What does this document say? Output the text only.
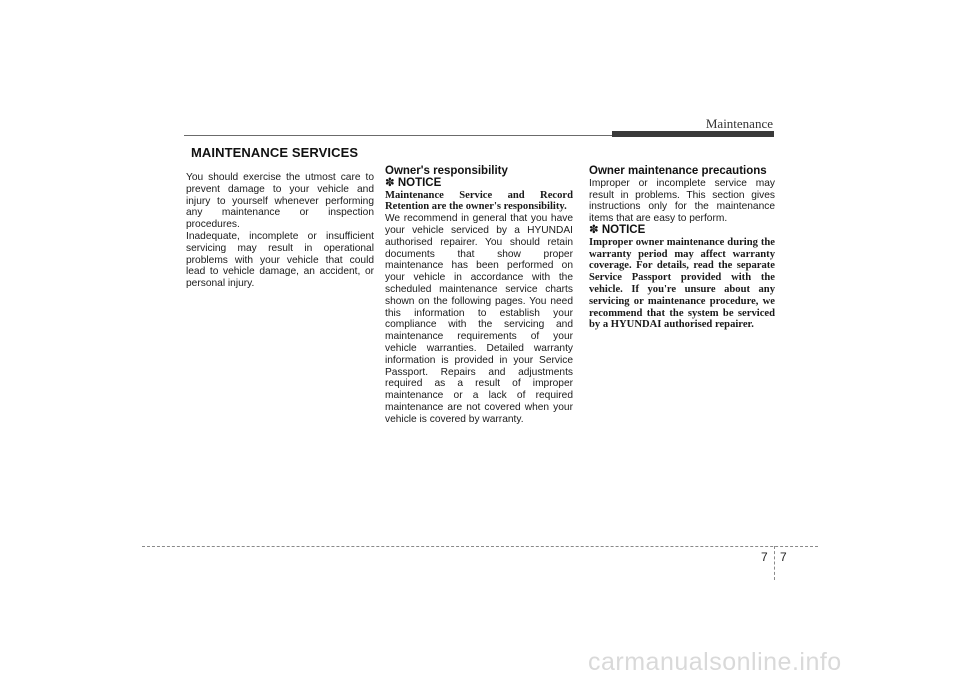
Maintenance
MAINTENANCE SERVICES

You should exercise the utmost care to prevent damage to your vehicle and injury to yourself whenever performing any maintenance or inspection procedures.

Inadequate, incomplete or insufficient servicing may result in operational problems with your vehicle that could lead to vehicle damage, an accident, or personal injury.

Owner's responsibility

✽ NOTICE

Maintenance Service and Record Retention are the owner's responsibility.

We recommend in general that you have your vehicle serviced by a HYUNDAI authorised repairer. You should retain documents that show proper maintenance has been performed on your vehicle in accordance with the scheduled maintenance service charts shown on the following pages. You need this information to establish your compliance with the servicing and maintenance requirements of your vehicle warranties. Detailed warranty information is provided in your Service Passport. Repairs and adjustments required as a result of improper maintenance or a lack of required maintenance are not covered when your vehicle is covered by warranty.

Owner maintenance precautions

Improper or incomplete service may result in problems. This section gives instructions only for the maintenance items that are easy to perform.

✽ NOTICE

Improper owner maintenance during the warranty period may affect warranty coverage. For details, read the separate Service Passport provided with the vehicle. If you're unsure about any servicing or maintenance procedure, we recommend that the system be serviced by a HYUNDAI authorised repairer.

7 7
carmanualsonline.info
